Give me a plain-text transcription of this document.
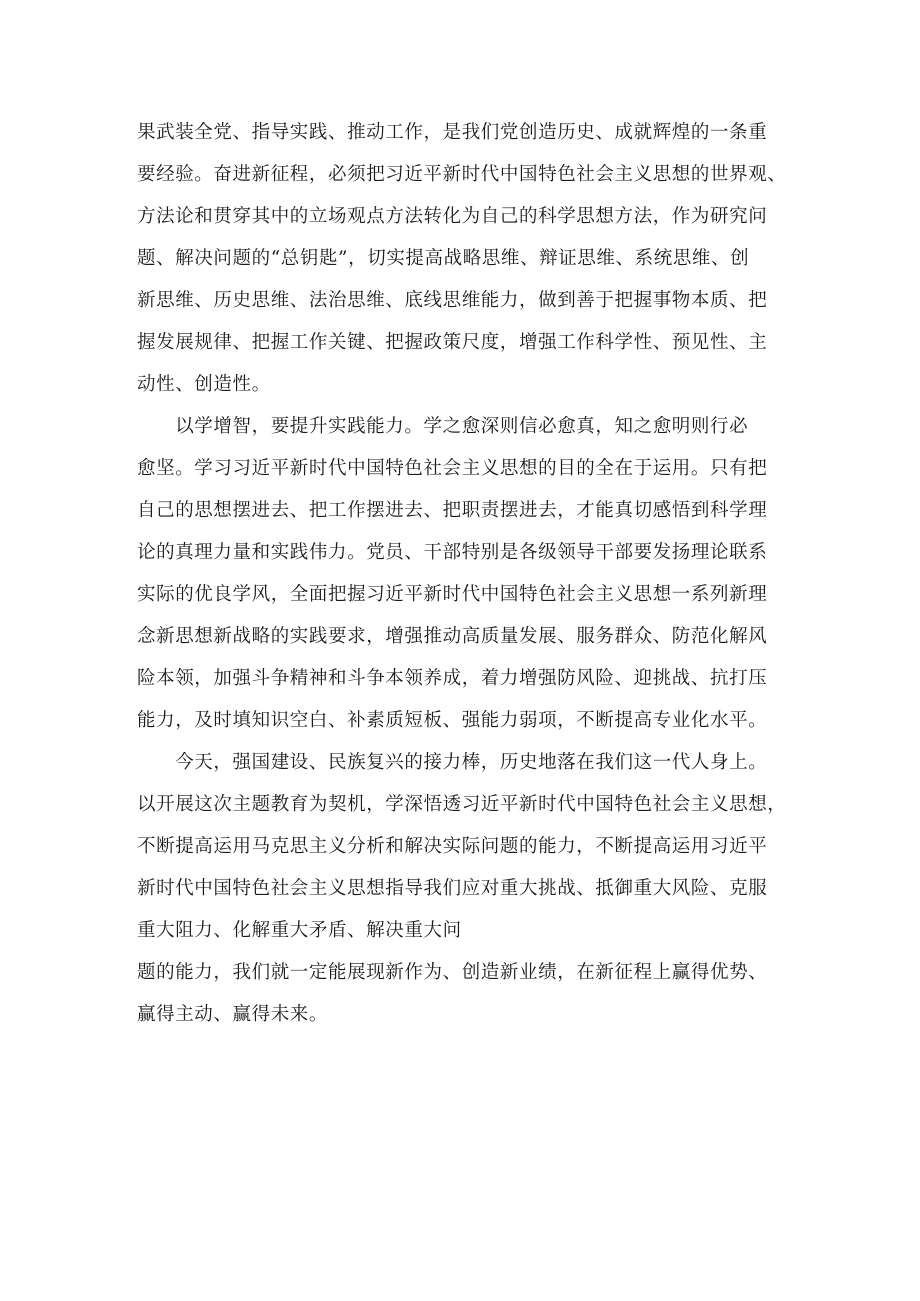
果武装全党、指导实践、推动工作，是我们党创造历史、成就辉煌的一条重

要经验。奋进新征程，必须把习近平新时代中国特色社会主义思想的世界观、

方法论和贯穿其中的立场观点方法转化为自己的科学思想方法，作为研究问

题、解决问题的“总钥匙”，切实提高战略思维、辩证思维、系统思维、创

新思维、历史思维、法治思维、底线思维能力，做到善于把握事物本质、把

握发展规律、把握工作关键、把握政策尺度，增强工作科学性、预见性、主

动性、创造性。

　　以学增智，要提升实践能力。学之愈深则信必愈真，知之愈明则行必

愈坚。学习习近平新时代中国特色社会主义思想的目的全在于运用。只有把

自己的思想摆进去、把工作摆进去、把职责摆进去，才能真切感悟到科学理

论的真理力量和实践伟力。党员、干部特别是各级领导干部要发扬理论联系

实际的优良学风，全面把握习近平新时代中国特色社会主义思想一系列新理

念新思想新战略的实践要求，增强推动高质量发展、服务群众、防范化解风

险本领，加强斗争精神和斗争本领养成，着力增强防风险、迎挑战、抗打压

能力，及时填知识空白、补素质短板、强能力弱项，不断提高专业化水平。

　　今天，强国建设、民族复兴的接力棒，历史地落在我们这一代人身上。

以开展这次主题教育为契机，学深悟透习近平新时代中国特色社会主义思想，

不断提高运用马克思主义分析和解决实际问题的能力，不断提高运用习近平

新时代中国特色社会主义思想指导我们应对重大挑战、抵御重大风险、克服

重大阻力、化解重大矛盾、解决重大问

题的能力，我们就一定能展现新作为、创造新业绩，在新征程上赢得优势、

赢得主动、赢得未来。
